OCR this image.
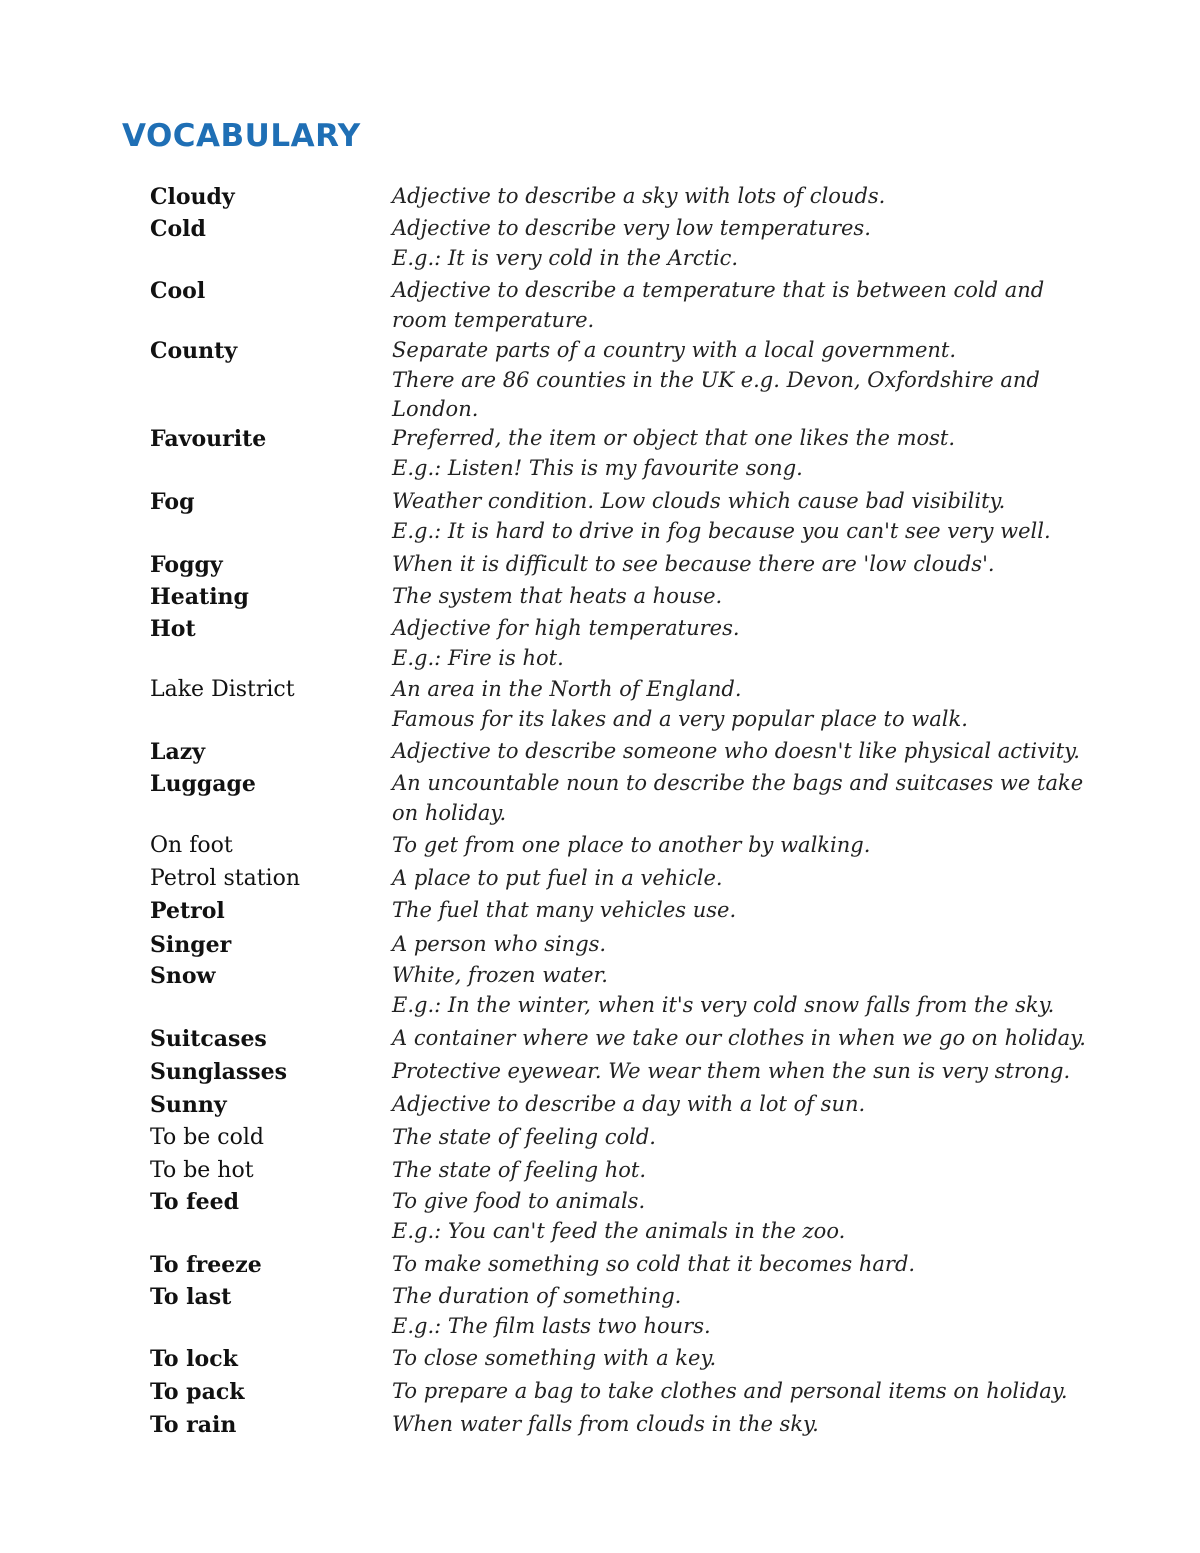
VOCABULARY
Cloudy	Adjective to describe a sky with lots of clouds.
Cold	Adjective to describe very low temperatures.
E.g.: It is very cold in the Arctic.
Cool	Adjective to describe a temperature that is between cold and
room temperature.
County	Separate parts of a country with a local government.
There are 86 counties in the UK e.g. Devon, Oxfordshire and
London.
Favourite	Preferred, the item or object that one likes the most.
E.g.: Listen! This is my favourite song.
Fog	Weather condition. Low clouds which cause bad visibility.
E.g.: It is hard to drive in fog because you can't see very well.
Foggy	When it is difficult to see because there are 'low clouds'.
Heating	The system that heats a house.
Hot	Adjective for high temperatures.
E.g.: Fire is hot.
Lake District	An area in the North of England.
Famous for its lakes and a very popular place to walk.
Lazy	Adjective to describe someone who doesn't like physical activity.
Luggage	An uncountable noun to describe the bags and suitcases we take
on holiday.
On foot	To get from one place to another by walking.
Petrol station	A place to put fuel in a vehicle.
Petrol	The fuel that many vehicles use.
Singer	A person who sings.
Snow	White, frozen water.
E.g.: In the winter, when it's very cold snow falls from the sky.
Suitcases	A container where we take our clothes in when we go on holiday.
Sunglasses	Protective eyewear. We wear them when the sun is very strong.
Sunny	Adjective to describe a day with a lot of sun.
To be cold	The state of feeling cold.
To be hot	The state of feeling hot.
To feed	To give food to animals.
E.g.: You can't feed the animals in the zoo.
To freeze	To make something so cold that it becomes hard.
To last	The duration of something.
E.g.: The film lasts two hours.
To lock	To close something with a key.
To pack	To prepare a bag to take clothes and personal items on holiday.
To rain	When water falls from clouds in the sky.
